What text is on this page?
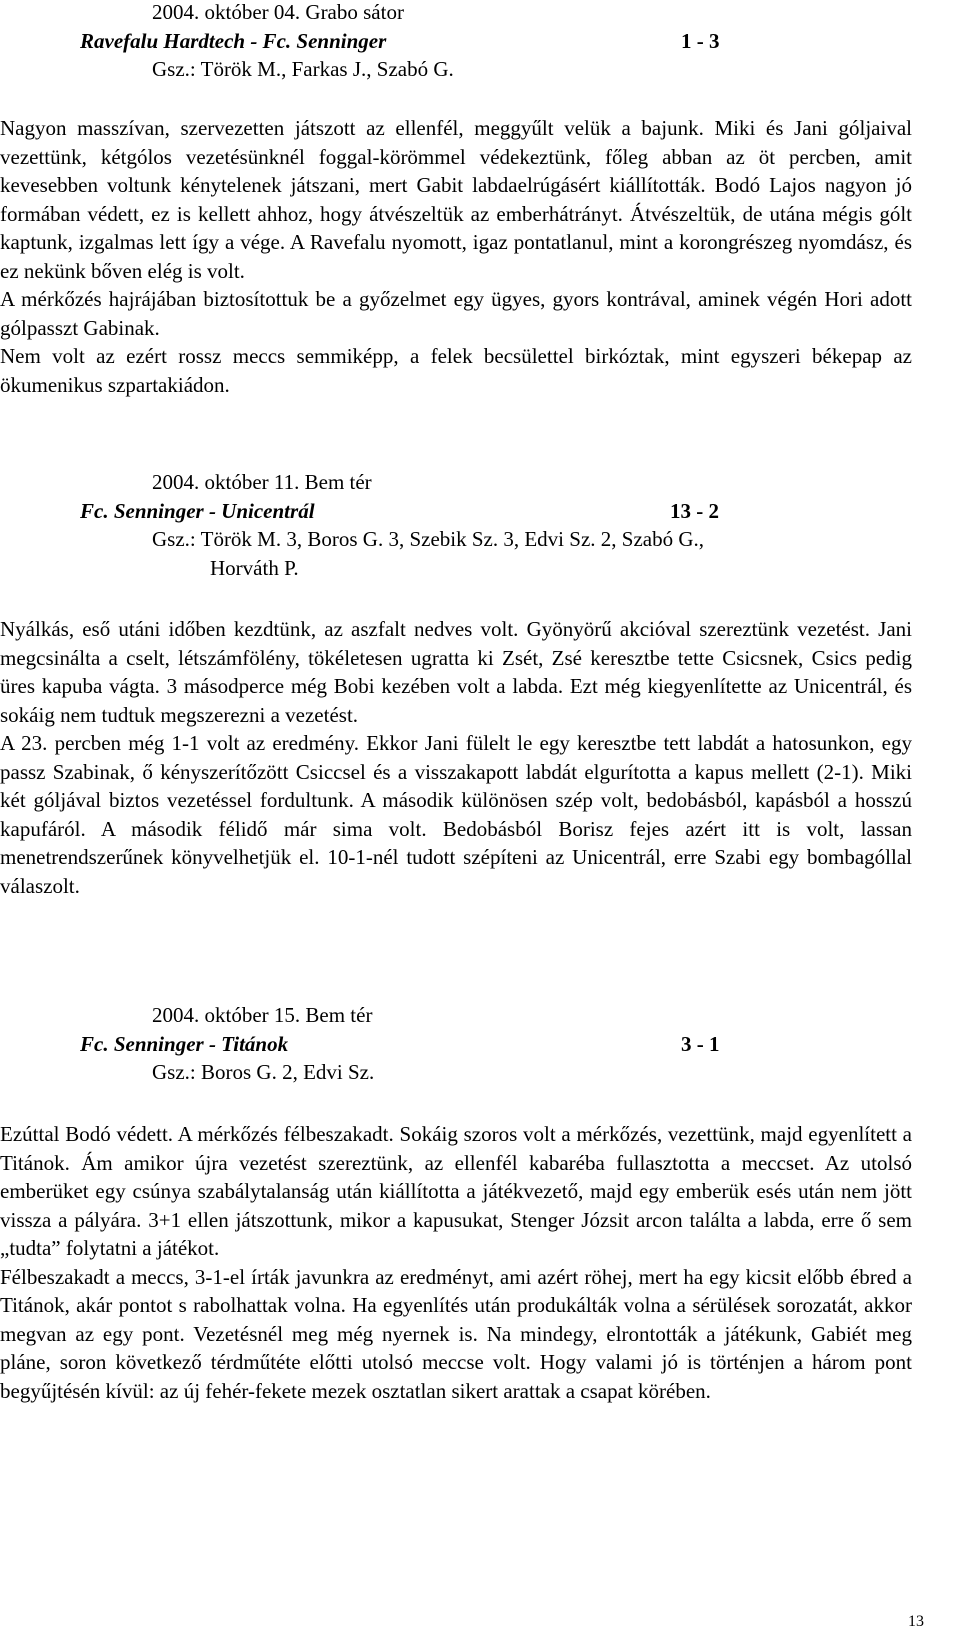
2004. október 04. Grabo sátor
Ravefalu Hardtech - Fc. Senninger	1 - 3
Gsz.: Török M., Farkas J., Szabó G.

Nagyon masszívan, szervezetten játszott az ellenfél, meggyűlt velük a bajunk. Miki és Jani góljaival vezettünk, kétgólos vezetésünknél foggal-körömmel védekeztünk, főleg abban az öt percben, amit kevesebben voltunk kénytelenek játszani, mert Gabit labdaelrúgásért kiállították. Bodó Lajos nagyon jó formában védett, ez is kellett ahhoz, hogy átvészeltük az emberhátrányt. Átvészeltük, de utána mégis gólt kaptunk, izgalmas lett így a vége. A Ravefalu nyomott, igaz pontatlanul, mint a korongrészeg nyomdász, és ez nekünk bőven elég is volt.

A mérkőzés hajrájában biztosítottuk be a győzelmet egy ügyes, gyors kontrával, aminek végén Hori adott gólpasszt Gabinak.

Nem volt az ezért rossz meccs semmiképp, a felek becsülettel birkóztak, mint egyszeri békepap az ökumenikus szpartakiádon.

2004. október 11. Bem tér
Fc. Senninger - Unicentrál	13 - 2
Gsz.: Török M. 3, Boros G. 3, Szebik Sz. 3, Edvi Sz. 2, Szabó G.,
Horváth P.

Nyálkás, eső utáni időben kezdtünk, az aszfalt nedves volt. Gyönyörű akcióval szereztünk vezetést. Jani megcsinálta a cselt, létszámfölény, tökéletesen ugratta ki Zsét, Zsé keresztbe tette Csicsnek, Csics pedig üres kapuba vágta. 3 másodperce még Bobi kezében volt a labda. Ezt még kiegyenlítette az Unicentrál, és sokáig nem tudtuk megszerezni a vezetést.

A 23. percben még 1-1 volt az eredmény. Ekkor Jani fülelt le egy keresztbe tett labdát a hatosunkon, egy passz Szabinak, ő kényszerítőzött Csiccsel és a visszakapott labdát elgurította a kapus mellett (2-1). Miki két góljával biztos vezetéssel fordultunk. A második különösen szép volt, bedobásból, kapásból a hosszú kapufáról. A második félidő már sima volt. Bedobásból Borisz fejes azért itt is volt, lassan menetrendszerűnek könyvelhetjük el. 10-1-nél tudott szépíteni az Unicentrál, erre Szabi egy bombagóllal válaszolt.

2004. október 15. Bem tér
Fc. Senninger - Titánok	3 - 1
Gsz.: Boros G. 2, Edvi Sz.

Ezúttal Bodó védett. A mérkőzés félbeszakadt. Sokáig szoros volt a mérkőzés, vezettünk, majd egyenlített a Titánok. Ám amikor újra vezetést szereztünk, az ellenfél kabaréba fullasztotta a meccset. Az utolsó emberüket egy csúnya szabálytalanság után kiállította a játékvezető, majd egy emberük esés után nem jött vissza a pályára. 3+1 ellen játszottunk, mikor a kapusukat, Stenger Józsit arcon találta a labda, erre ő sem „tudta” folytatni a játékot.

Félbeszakadt a meccs, 3-1-el írták javunkra az eredményt, ami azért röhej, mert ha egy kicsit előbb ébred a Titánok, akár pontot s rabolhattak volna. Ha egyenlítés után produkálták volna a sérülések sorozatát, akkor megvan az egy pont. Vezetésnél meg még nyernek is. Na mindegy, elrontották a játékunk, Gabiét meg pláne, soron következő térdműtéte előtti utolsó meccse volt. Hogy valami jó is történjen a három pont begyűjtésén kívül: az új fehér-fekete mezek osztatlan sikert arattak a csapat körében.

13
